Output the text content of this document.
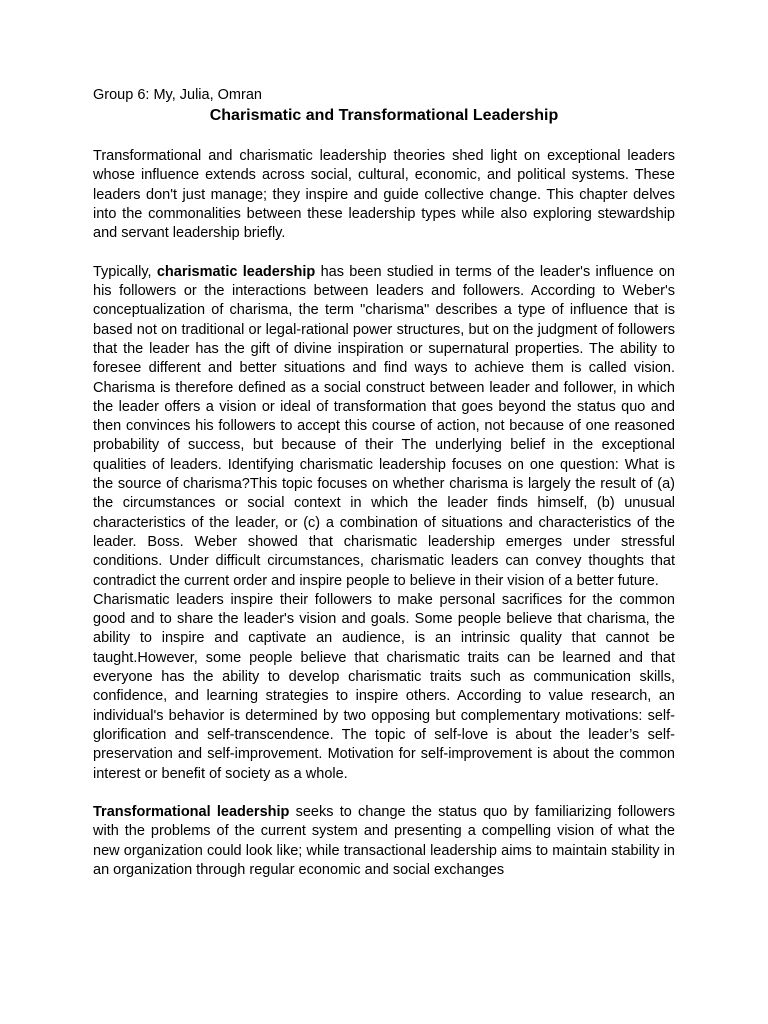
Group 6: My, Julia, Omran

Charismatic and Transformational Leadership

Transformational and charismatic leadership theories shed light on exceptional leaders whose influence extends across social, cultural, economic, and political systems. These leaders don't just manage; they inspire and guide collective change. This chapter delves into the commonalities between these leadership types while also exploring stewardship and servant leadership briefly.

Typically, charismatic leadership has been studied in terms of the leader's influence on his followers or the interactions between leaders and followers. According to Weber's conceptualization of charisma, the term "charisma" describes a type of influence that is based not on traditional or legal-rational power structures, but on the judgment of followers that the leader has the gift of divine inspiration or supernatural properties. The ability to foresee different and better situations and find ways to achieve them is called vision. Charisma is therefore defined as a social construct between leader and follower, in which the leader offers a vision or ideal of transformation that goes beyond the status quo and then convinces his followers to accept this course of action, not because of one reasoned probability of success, but because of their The underlying belief in the exceptional qualities of leaders. Identifying charismatic leadership focuses on one question: What is the source of charisma?This topic focuses on whether charisma is largely the result of (a) the circumstances or social context in which the leader finds himself, (b) unusual characteristics of the leader, or (c) a combination of situations and characteristics of the leader. Boss. Weber showed that charismatic leadership emerges under stressful conditions. Under difficult circumstances, charismatic leaders can convey thoughts that contradict the current order and inspire people to believe in their vision of a better future.

Charismatic leaders inspire their followers to make personal sacrifices for the common good and to share the leader's vision and goals. Some people believe that charisma, the ability to inspire and captivate an audience, is an intrinsic quality that cannot be taught.However, some people believe that charismatic traits can be learned and that everyone has the ability to develop charismatic traits such as communication skills, confidence, and learning strategies to inspire others. According to value research, an individual's behavior is determined by two opposing but complementary motivations: self-glorification and self-transcendence. The topic of self-love is about the leader’s self-preservation and self-improvement. Motivation for self-improvement is about the common interest or benefit of society as a whole.

Transformational leadership seeks to change the status quo by familiarizing followers with the problems of the current system and presenting a compelling vision of what the new organization could look like; while transactional leadership aims to maintain stability in an organization through regular economic and social exchanges
